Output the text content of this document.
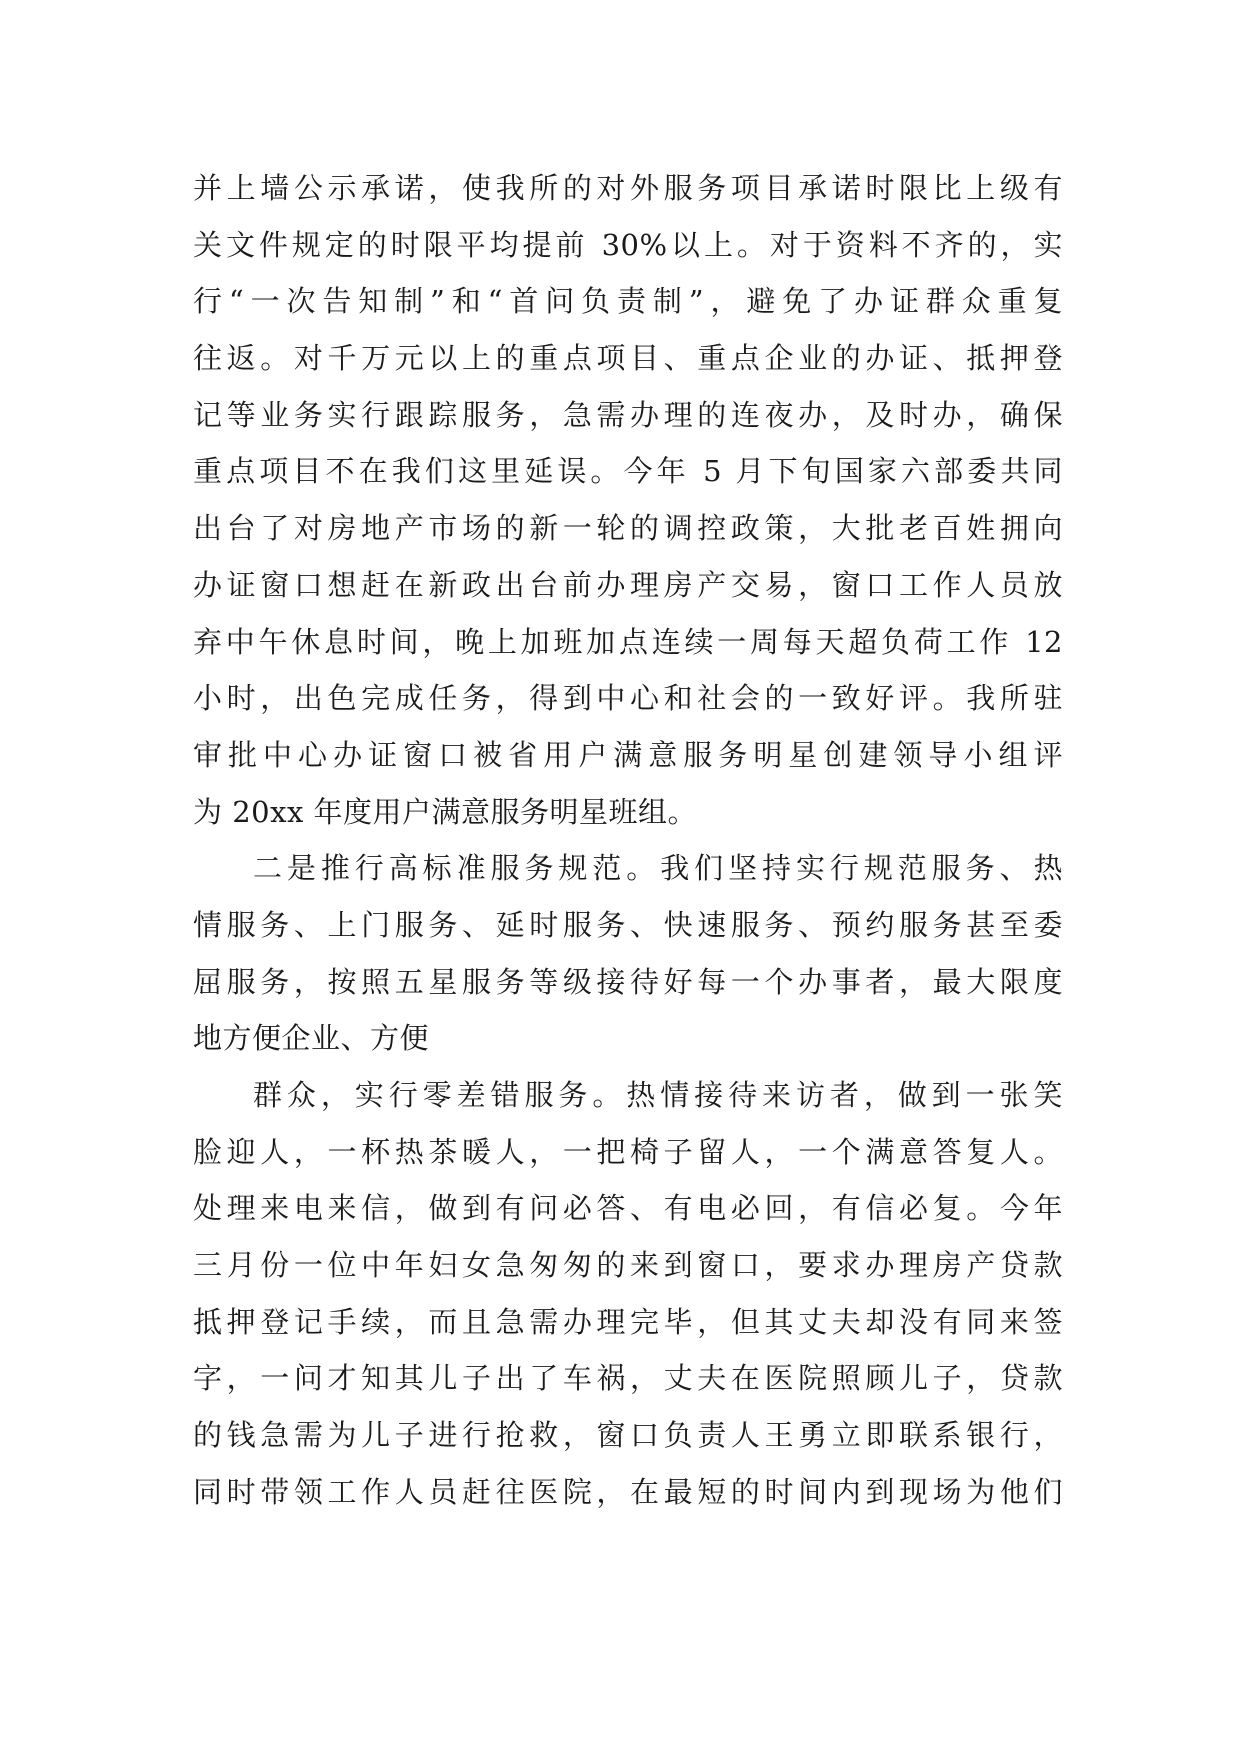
并上墙公示承诺，使我所的对外服务项目承诺时限比上级有
关文件规定的时限平均提前 30%以上。对于资料不齐的，实
行“一次告知制”和“首问负责制”，避免了办证群众重复
往返。对千万元以上的重点项目、重点企业的办证、抵押登
记等业务实行跟踪服务，急需办理的连夜办，及时办，确保
重点项目不在我们这里延误。今年 5 月下旬国家六部委共同
出台了对房地产市场的新一轮的调控政策，大批老百姓拥向
办证窗口想赶在新政出台前办理房产交易，窗口工作人员放
弃中午休息时间，晚上加班加点连续一周每天超负荷工作 12
小时，出色完成任务，得到中心和社会的一致好评。我所驻
审批中心办证窗口被省用户满意服务明星创建领导小组评
为 20xx 年度用户满意服务明星班组。
二是推行高标准服务规范。我们坚持实行规范服务、热
情服务、上门服务、延时服务、快速服务、预约服务甚至委
屈服务，按照五星服务等级接待好每一个办事者，最大限度
地方便企业、方便
群众，实行零差错服务。热情接待来访者，做到一张笑
脸迎人，一杯热茶暖人，一把椅子留人，一个满意答复人。
处理来电来信，做到有问必答、有电必回，有信必复。今年
三月份一位中年妇女急匆匆的来到窗口，要求办理房产贷款
抵押登记手续，而且急需办理完毕，但其丈夫却没有同来签
字，一问才知其儿子出了车祸，丈夫在医院照顾儿子，贷款
的钱急需为儿子进行抢救，窗口负责人王勇立即联系银行，
同时带领工作人员赶往医院，在最短的时间内到现场为他们
